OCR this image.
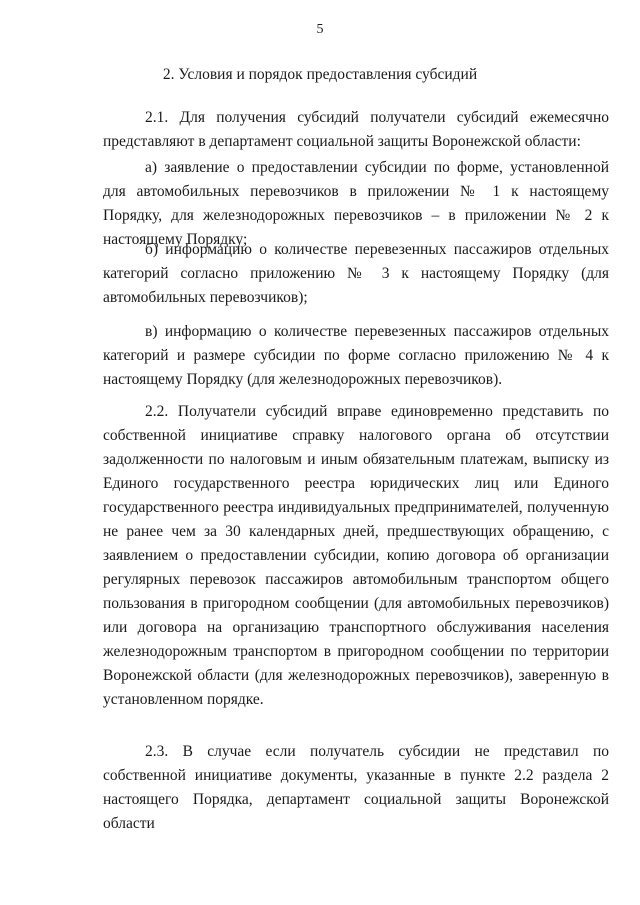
5
2. Условия и порядок предоставления субсидий

2.1. Для получения субсидий получатели субсидий ежемесячно представляют в департамент социальной защиты Воронежской области:

а) заявление о предоставлении субсидии по форме, установленной для автомобильных перевозчиков в приложении № 1 к настоящему Порядку, для железнодорожных перевозчиков – в приложении № 2 к настоящему Порядку;

б) информацию о количестве перевезенных пассажиров отдельных категорий согласно приложению № 3 к настоящему Порядку (для автомобильных перевозчиков);

в) информацию о количестве перевезенных пассажиров отдельных категорий и размере субсидии по форме согласно приложению № 4 к настоящему Порядку (для железнодорожных перевозчиков).

2.2. Получатели субсидий вправе единовременно представить по собственной инициативе справку налогового органа об отсутствии задолженности по налоговым и иным обязательным платежам, выписку из Единого государственного реестра юридических лиц или Единого государственного реестра индивидуальных предпринимателей, полученную не ранее чем за 30 календарных дней, предшествующих обращению, с заявлением о предоставлении субсидии, копию договора об организации регулярных перевозок пассажиров автомобильным транспортом общего пользования в пригородном сообщении (для автомобильных перевозчиков) или договора на организацию транспортного обслуживания населения железнодорожным транспортом в пригородном сообщении по территории Воронежской области (для железнодорожных перевозчиков), заверенную в установленном порядке.

2.3. В случае если получатель субсидии не представил по собственной инициативе документы, указанные в пункте 2.2 раздела 2 настоящего Порядка, департамент социальной защиты Воронежской области
